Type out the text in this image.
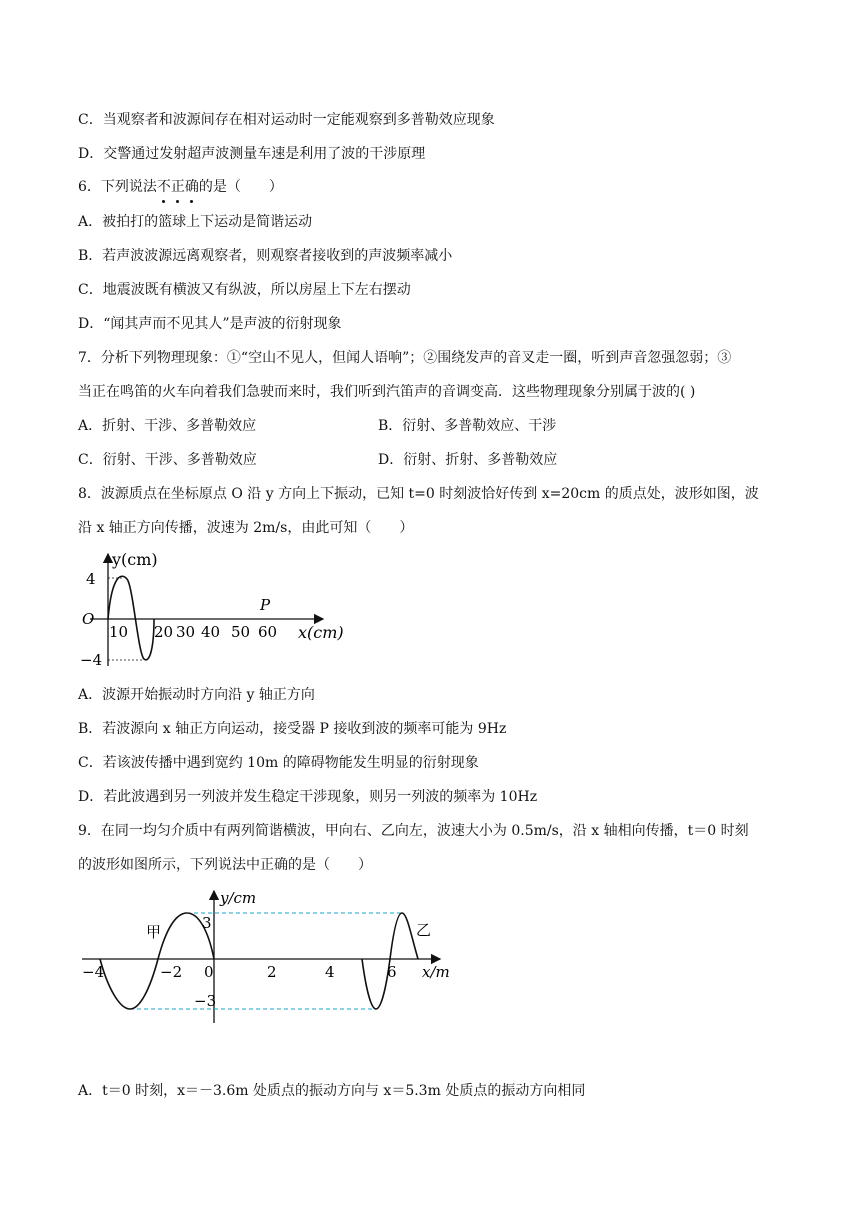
C．当观察者和波源间存在相对运动时一定能观察到多普勒效应现象
D．交警通过发射超声波测量车速是利用了波的干涉原理
6．下列说法不正确的是（　　）
A．被拍打的篮球上下运动是简谐运动
B．若声波波源远离观察者，则观察者接收到的声波频率减小
C．地震波既有横波又有纵波，所以房屋上下左右摆动
D．“闻其声而不见其人”是声波的衍射现象
7．分析下列物理现象：①“空山不见人，但闻人语响”；②围绕发声的音叉走一圈，听到声音忽强忽弱；③
当正在鸣笛的火车向着我们急驶而来时，我们听到汽笛声的音调变高．这些物理现象分别属于波的( )
A．折射、干涉、多普勒效应	B．衍射、多普勒效应、干涉
C．衍射、干涉、多普勒效应	D．衍射、折射、多普勒效应
8．波源质点在坐标原点 O 沿 y 方向上下振动，已知 t=0 时刻波恰好传到 x=20cm 的质点处，波形如图，波
沿 x 轴正方向传播，波速为 2m/s，由此可知（　　）
y(cm)
x(cm)
O
4
−4
10 20 30 40 50 60
P
A．波源开始振动时方向沿 y 轴正方向
B．若波源向 x 轴正方向运动，接受器 P 接收到波的频率可能为 9Hz
C．若该波传播中遇到宽约 10m 的障碍物能发生明显的衍射现象
D．若此波遇到另一列波并发生稳定干涉现象，则另一列波的频率为 10Hz
9．在同一均匀介质中有两列简谐横波，甲向右、乙向左，波速大小为 0.5m/s，沿 x 轴相向传播，t＝0 时刻
的波形如图所示，下列说法中正确的是（　　）
y/cm
x/m
3
−3
−4	−2 0	2	4	6
甲	乙
A．t＝0 时刻，x＝－3.6m 处质点的振动方向与 x＝5.3m 处质点的振动方向相同
